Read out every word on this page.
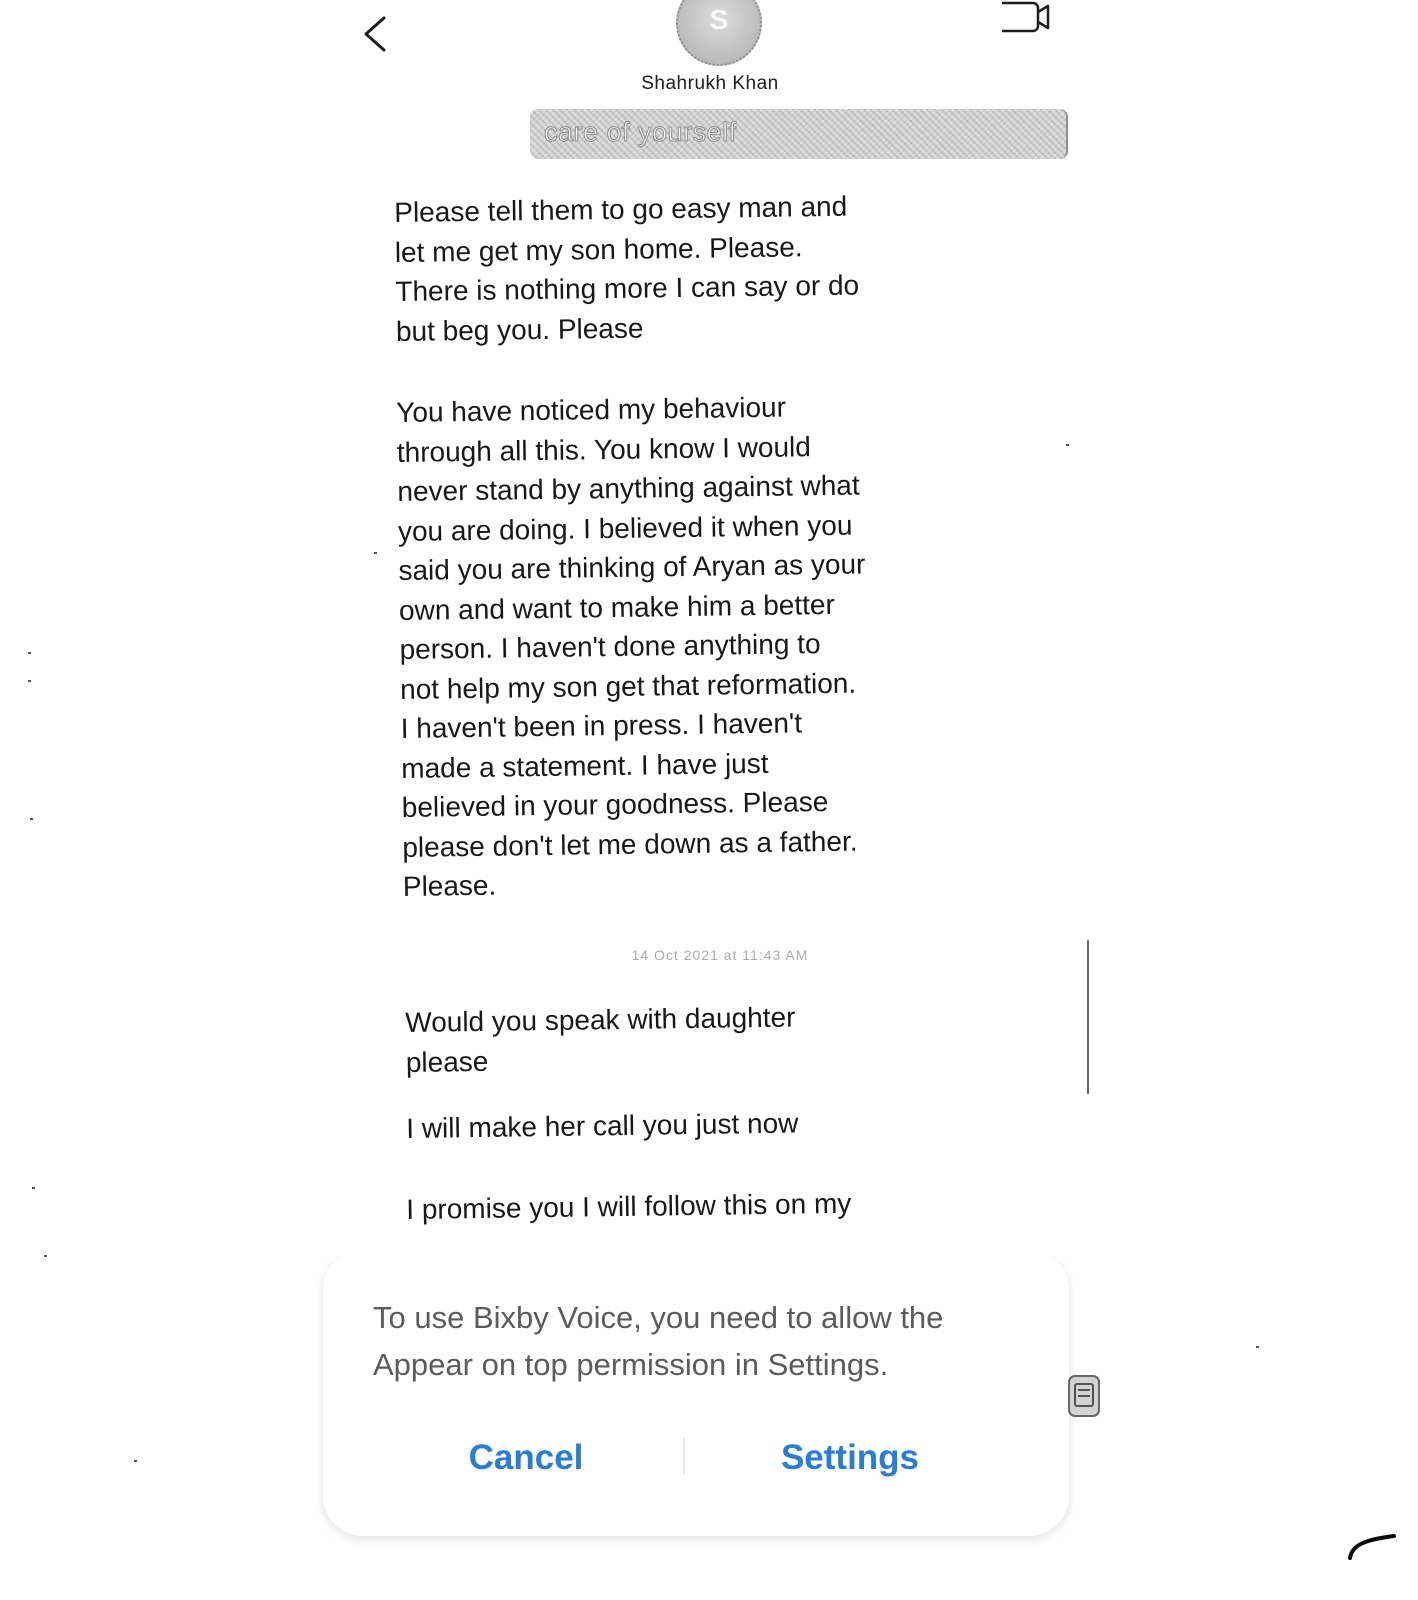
S
Shahrukh Khan
care of yourself

Please tell them to go easy man and
let me get my son home. Please.
There is nothing more I can say or do
but beg you. Please

You have noticed my behaviour
through all this. You know I would
never stand by anything against what
you are doing. I believed it when you
said you are thinking of Aryan as your
own and want to make him a better
person. I haven't done anything to
not help my son get that reformation.
I haven't been in press. I haven't
made a statement. I have just
believed in your goodness. Please
please don't let me down as a father.
Please.

14 Oct 2021 at 11:43 AM

Would you speak with daughter
please

I will make her call you just now

I promise you I will follow this on my

To use Bixby Voice, you need to allow the Appear on top permission in Settings.

Cancel	Settings
